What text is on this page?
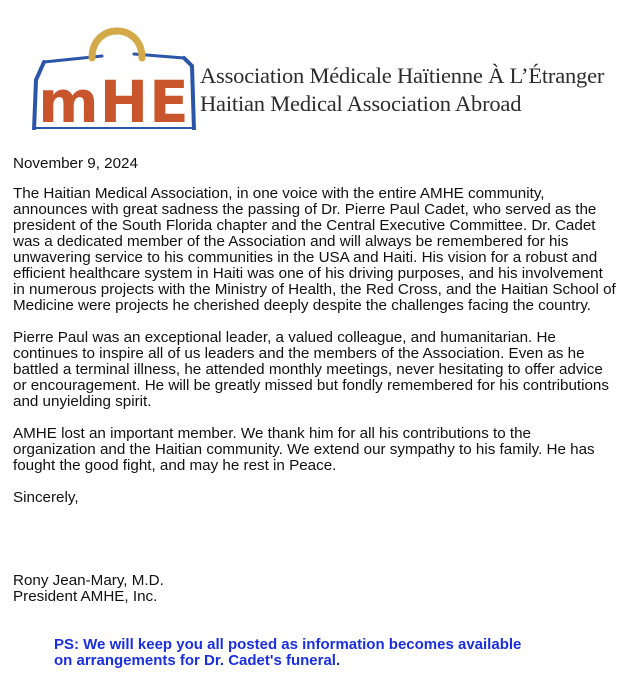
mHE Association Médicale Haïtienne À L’Étranger
Haitian Medical Association Abroad

November 9, 2024

The Haitian Medical Association, in one voice with the entire AMHE community, announces with great sadness the passing of Dr. Pierre Paul Cadet, who served as the president of the South Florida chapter and the Central Executive Committee. Dr. Cadet was a dedicated member of the Association and will always be remembered for his unwavering service to his communities in the USA and Haiti. His vision for a robust and efficient healthcare system in Haiti was one of his driving purposes, and his involvement in numerous projects with the Ministry of Health, the Red Cross, and the Haitian School of Medicine were projects he cherished deeply despite the challenges facing the country.

Pierre Paul was an exceptional leader, a valued colleague, and humanitarian. He continues to inspire all of us leaders and the members of the Association. Even as he battled a terminal illness, he attended monthly meetings, never hesitating to offer advice or encouragement. He will be greatly missed but fondly remembered for his contributions and unyielding spirit.

AMHE lost an important member. We thank him for all his contributions to the organization and the Haitian community. We extend our sympathy to his family. He has fought the good fight, and may he rest in Peace.

Sincerely,

Rony Jean-Mary, M.D.
President AMHE, Inc.
PS: We will keep you all posted as information becomes available
on arrangements for Dr. Cadet's funeral.
